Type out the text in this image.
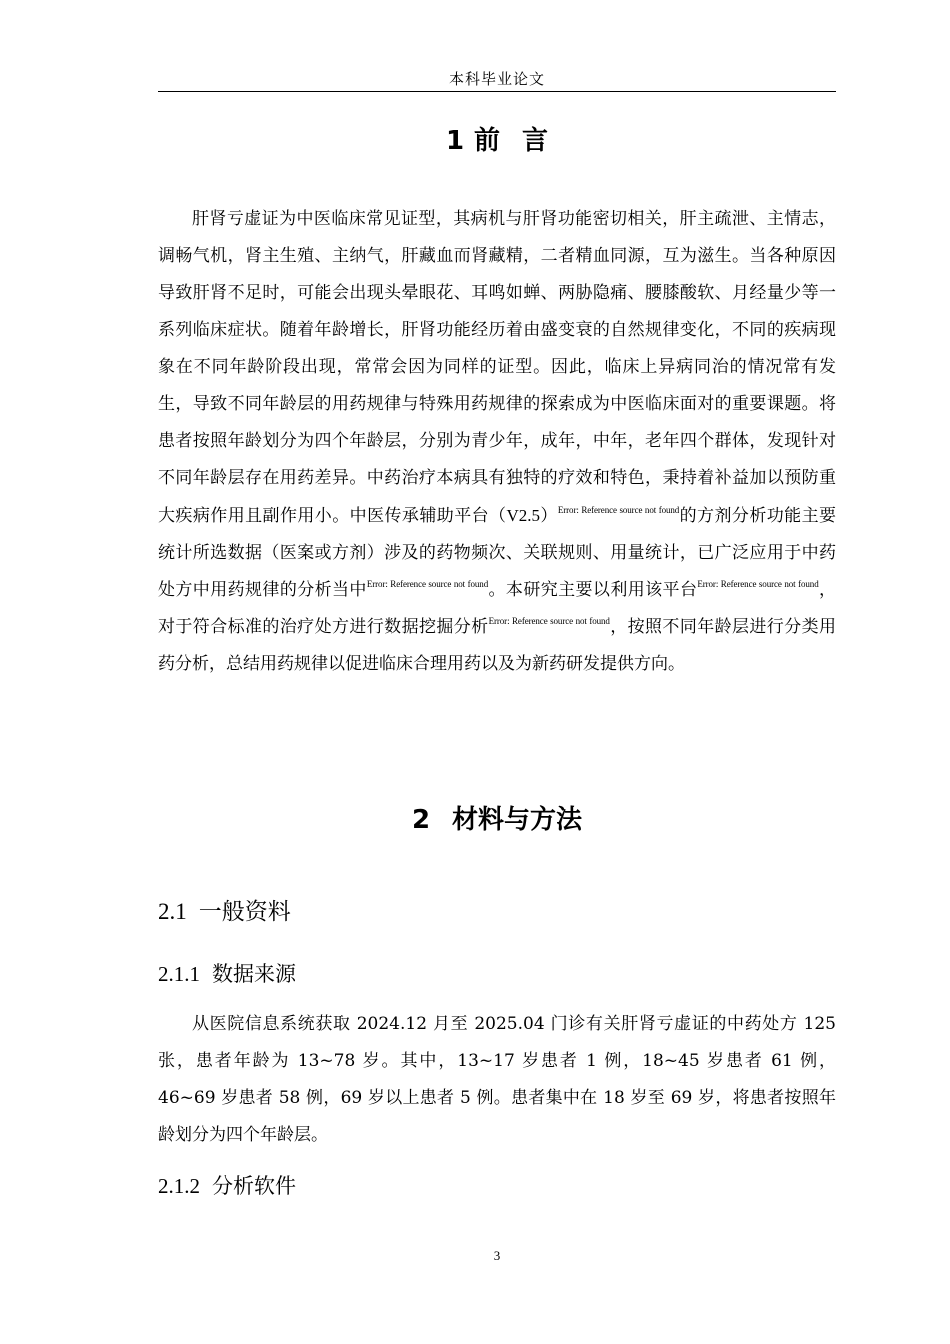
本科毕业论文
1 前 言

肝肾亏虚证为中医临床常见证型，其病机与肝肾功能密切相关，肝主疏泄、主情志，调畅气机，肾主生殖、主纳气，肝藏血而肾藏精，二者精血同源，互为滋生。当各种原因导致肝肾不足时，可能会出现头晕眼花、耳鸣如蝉、两胁隐痛、腰膝酸软、月经量少等一系列临床症状。随着年龄增长，肝肾功能经历着由盛变衰的自然规律变化，不同的疾病现象在不同年龄阶段出现，常常会因为同样的证型。因此，临床上异病同治的情况常有发生，导致不同年龄层的用药规律与特殊用药规律的探索成为中医临床面对的重要课题。将患者按照年龄划分为四个年龄层，分别为青少年，成年，中年，老年四个群体，发现针对不同年龄层存在用药差异。中药治疗本病具有独特的疗效和特色，秉持着补益加以预防重大疾病作用且副作用小。中医传承辅助平台（V2.5）$^{Error: Reference source not found}$的方剂分析功能主要统计所选数据（医案或方剂）涉及的药物频次、关联规则、用量统计，已广泛应用于中药处方中用药规律的分析当中$^{Error: Reference source not found}$。本研究主要以利用该平台$^{Error: Reference source not found}$，对于符合标准的治疗处方进行数据挖掘分析$^{Error: Reference source not found}$，按照不同年龄层进行分类用药分析，总结用药规律以促进临床合理用药以及为新药研发提供方向。

2 材料与方法
2.1 一般资料
2.1.1 数据来源

从医院信息系统获取 2024.12 月至 2025.04 门诊有关肝肾亏虚证的中药处方 125 张，患者年龄为 13~78 岁。其中，13~17 岁患者 1 例，18~45 岁患者 61 例，46~69 岁患者 58 例，69 岁以上患者 5 例。患者集中在 18 岁至 69 岁，将患者按照年龄划分为四个年龄层。

2.1.2 分析软件
3
